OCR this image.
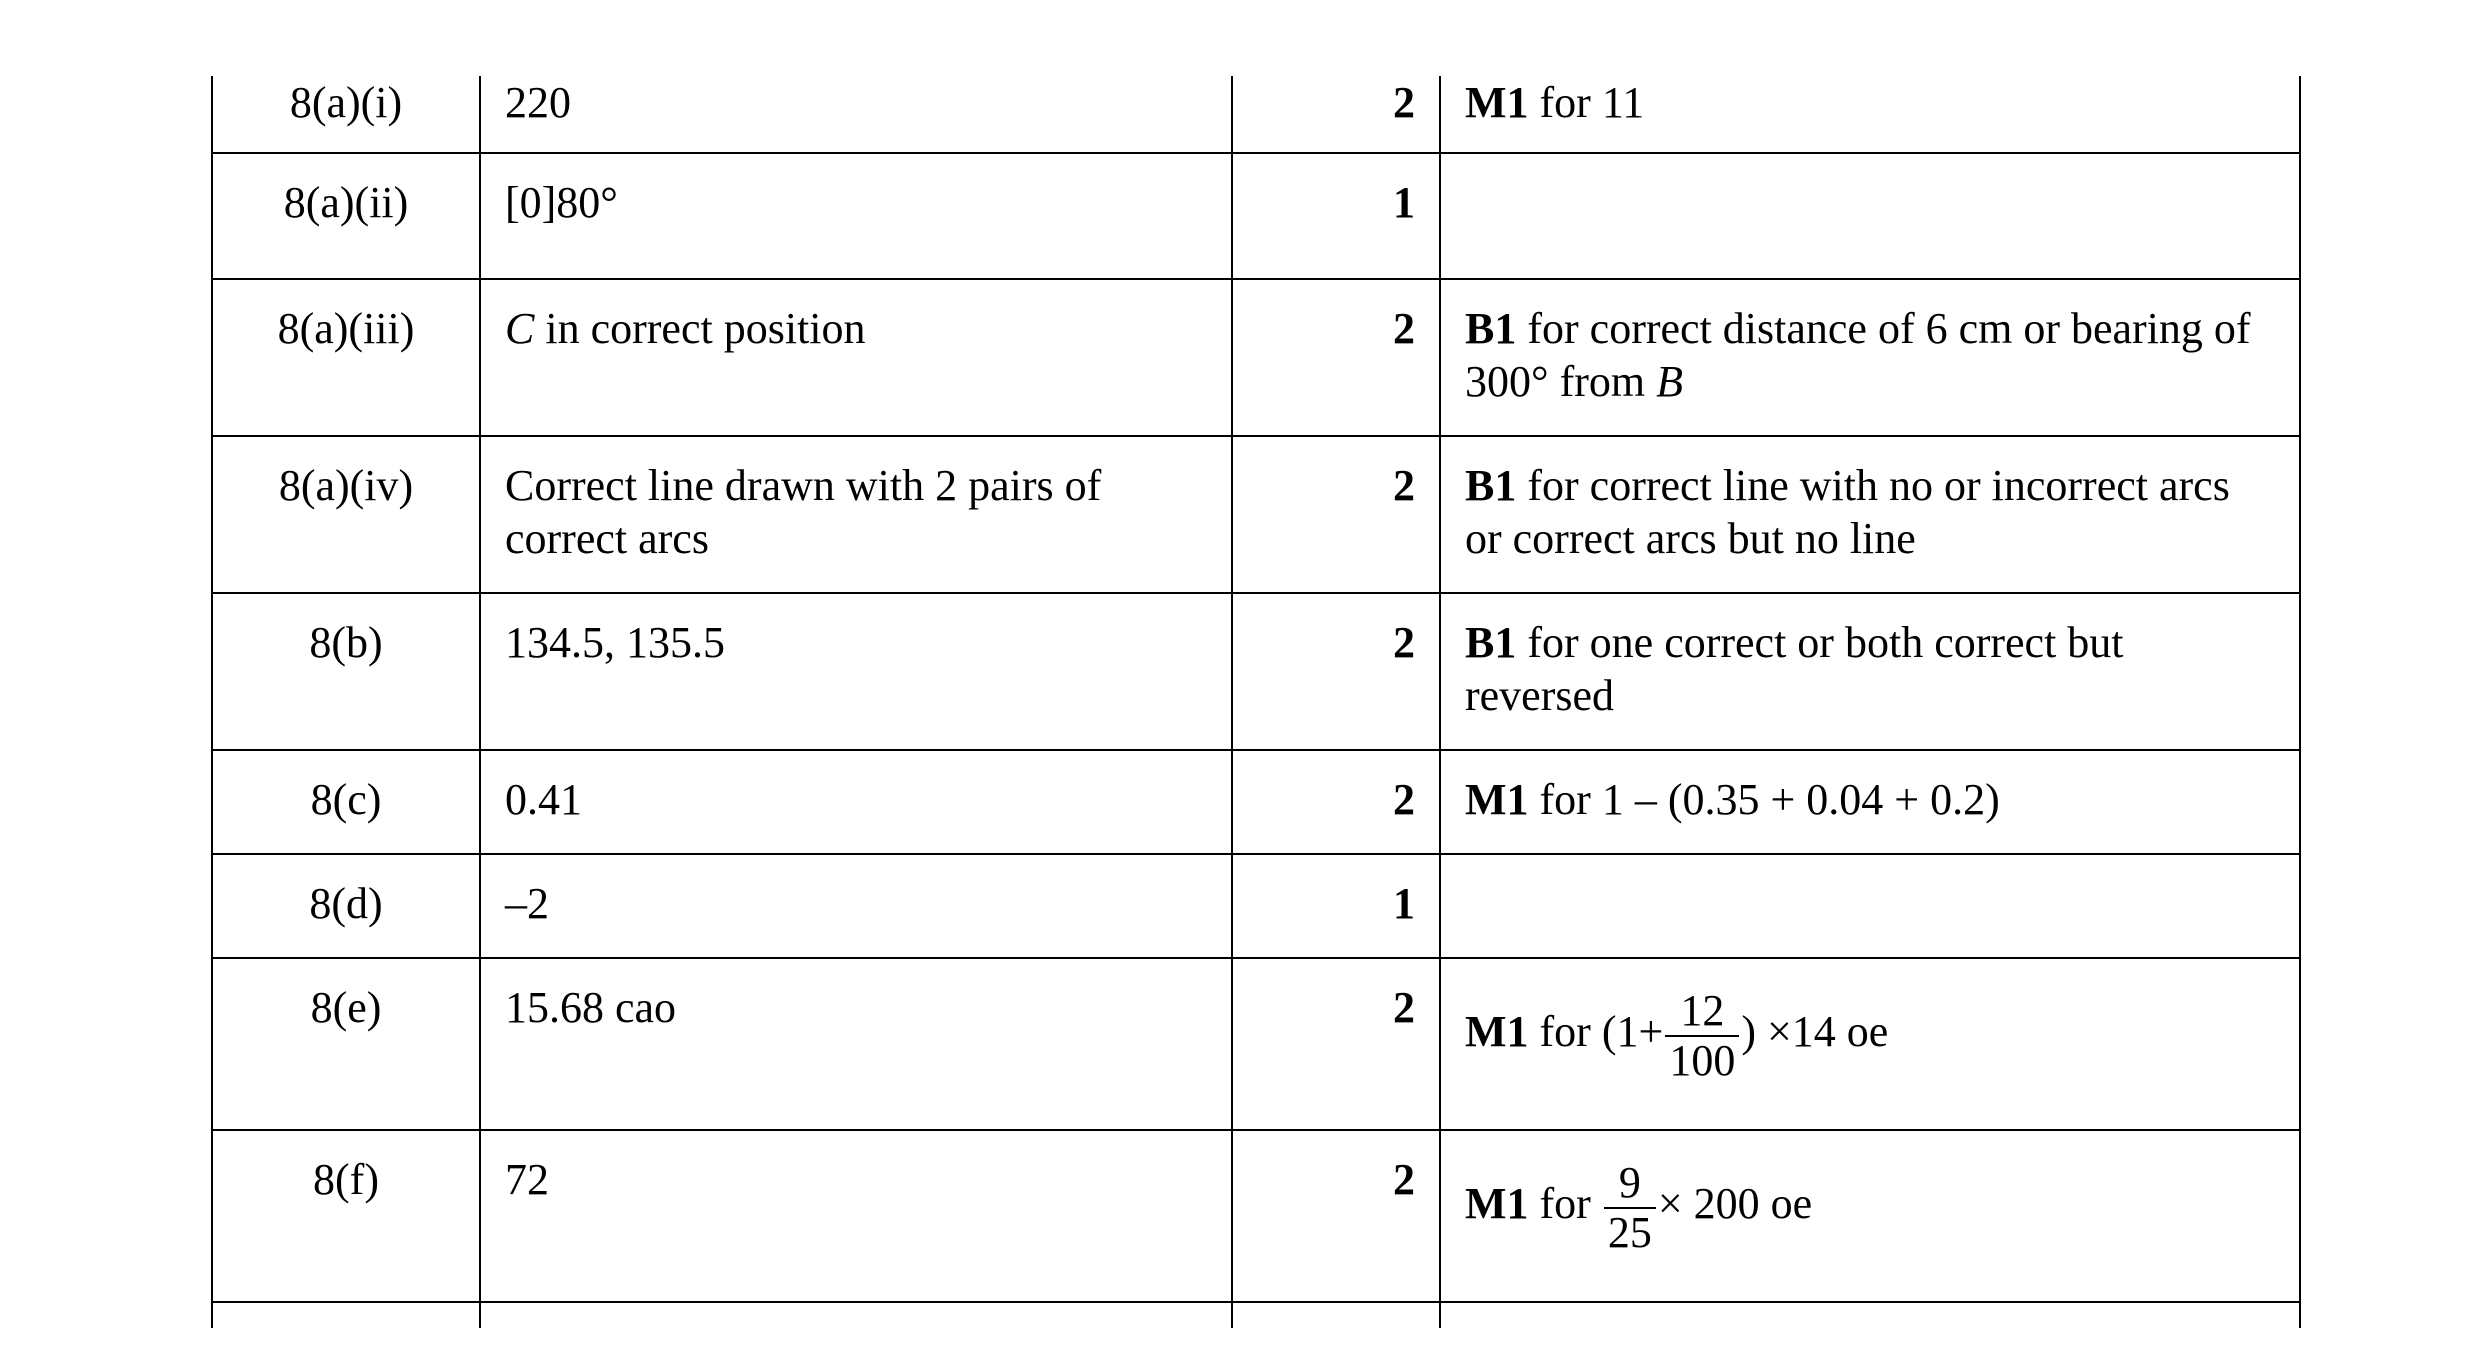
8(a)(i)	220	2	M1 for 11
8(a)(ii)	[0]80°	1	
8(a)(iii)	C in correct position	2	B1 for correct distance of 6 cm or bearing of 300° from B
8(a)(iv)	Correct line drawn with 2 pairs of correct arcs	2	B1 for correct line with no or incorrect arcs or correct arcs but no line
8(b)	134.5, 135.5	2	B1 for one correct or both correct but reversed
8(c)	0.41	2	M1 for 1 – (0.35 + 0.04 + 0.2)
8(d)	–2	1	
8(e)	15.68 cao	2	M1 for ($1+ \frac{12}{100}$ ) ×14 oe
8(f)	72	2	M1 for $\frac{9}{25} \times 200$ oe
